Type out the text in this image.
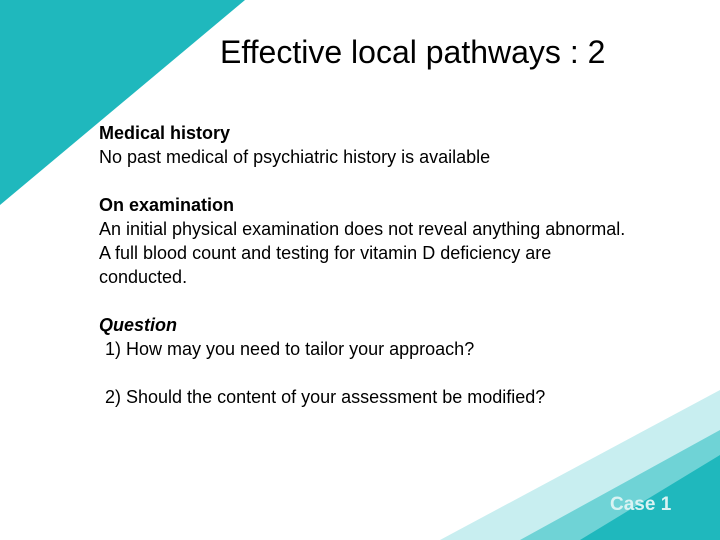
Effective local pathways : 2
Medical history
No past medical of psychiatric history is available
On examination
An initial physical examination does not reveal anything abnormal.
A full blood count and testing for vitamin D deficiency are
conducted.
Question
1) How may you need to tailor your approach?
2) Should the content of your assessment be modified?
Case 1
